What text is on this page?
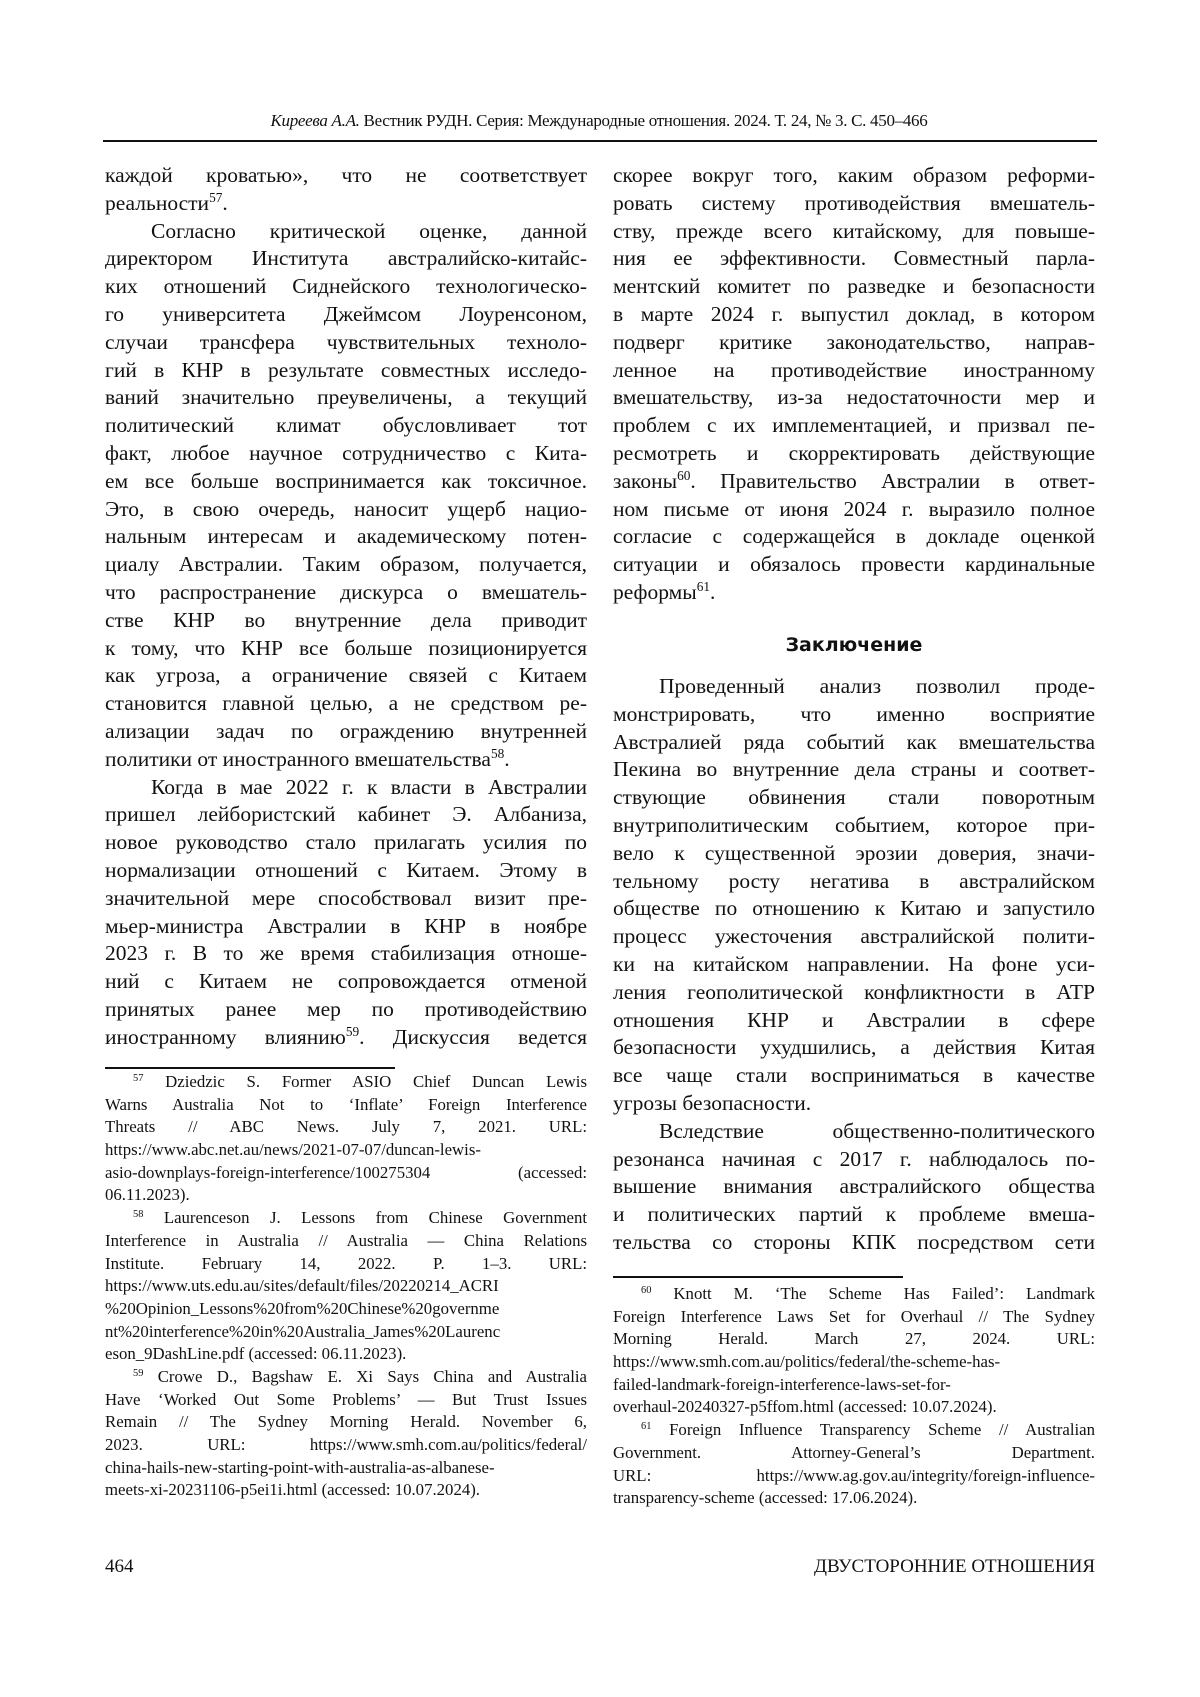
Киреева А.А. Вестник РУДН. Серия: Международные отношения. 2024. Т. 24, № 3. С. 450–466
каждой кроватью», что не соответствует
реальности57.
Согласно критической оценке, данной
директором Института австралийско-китайс-
ких отношений Сиднейского технологическо-
го университета Джеймсом Лоуренсоном,
случаи трансфера чувствительных техноло-
гий в КНР в результате совместных исследо-
ваний значительно преувеличены, а текущий
политический климат обусловливает тот
факт, любое научное сотрудничество с Кита-
ем все больше воспринимается как токсичное.
Это, в свою очередь, наносит ущерб нацио-
нальным интересам и академическому потен-
циалу Австралии. Таким образом, получается,
что распространение дискурса о вмешатель-
стве КНР во внутренние дела приводит
к тому, что КНР все больше позиционируется
как угроза, а ограничение связей с Китаем
становится главной целью, а не средством ре-
ализации задач по ограждению внутренней
политики от иностранного вмешательства58.
Когда в мае 2022 г. к власти в Австралии
пришел лейбористский кабинет Э. Албаниза,
новое руководство стало прилагать усилия по
нормализации отношений с Китаем. Этому в
значительной мере способствовал визит пре-
мьер-министра Австралии в КНР в ноябре
2023 г. В то же время стабилизация отноше-
ний с Китаем не сопровождается отменой
принятых ранее мер по противодействию
иностранному влиянию59. Дискуссия ведется
скорее вокруг того, каким образом реформи-
ровать систему противодействия вмешатель-
ству, прежде всего китайскому, для повыше-
ния ее эффективности. Совместный парла-
ментский комитет по разведке и безопасности
в марте 2024 г. выпустил доклад, в котором
подверг критике законодательство, направ-
ленное на противодействие иностранному
вмешательству, из-за недостаточности мер и
проблем с их имплементацией, и призвал пе-
ресмотреть и скорректировать действующие
законы60. Правительство Австралии в ответ-
ном письме от июня 2024 г. выразило полное
согласие с содержащейся в докладе оценкой
ситуации и обязалось провести кардинальные
реформы61.
Заключение
Проведенный анализ позволил проде-
монстрировать, что именно восприятие
Австралией ряда событий как вмешательства
Пекина во внутренние дела страны и соответ-
ствующие обвинения стали поворотным
внутриполитическим событием, которое при-
вело к существенной эрозии доверия, значи-
тельному росту негатива в австралийском
обществе по отношению к Китаю и запустило
процесс ужесточения австралийской полити-
ки на китайском направлении. На фоне уси-
ления геополитической конфликтности в АТР
отношения КНР и Австралии в сфере
безопасности ухудшились, а действия Китая
все чаще стали восприниматься в качестве
угрозы безопасности.
Вследствие общественно-политического
резонанса начиная с 2017 г. наблюдалось по-
вышение внимания австралийского общества
и политических партий к проблеме вмеша-
тельства со стороны КПК посредством сети
57 Dziedzic S. Former ASIO Chief Duncan Lewis
Warns Australia Not to ‘Inflate’ Foreign Interference
Threats // ABC News. July 7, 2021. URL:
https://www.abc.net.au/news/2021-07-07/duncan-lewis-
asio-downplays-foreign-interference/100275304 (accessed:
06.11.2023).
58 Laurenceson J. Lessons from Chinese Government
Interference in Australia // Australia — China Relations
Institute. February 14, 2022. P. 1–3. URL:
https://www.uts.edu.au/sites/default/files/20220214_ACRI
%20Opinion_Lessons%20from%20Chinese%20governme
nt%20interference%20in%20Australia_James%20Laurenc
eson_9DashLine.pdf (accessed: 06.11.2023).
59 Crowe D., Bagshaw E. Xi Says China and Australia
Have ‘Worked Out Some Problems’ — But Trust Issues
Remain // The Sydney Morning Herald. November 6,
2023. URL: https://www.smh.com.au/politics/federal/
china-hails-new-starting-point-with-australia-as-albanese-
meets-xi-20231106-p5ei1i.html (accessed: 10.07.2024).
60 Knott M. ‘The Scheme Has Failed’: Landmark
Foreign Interference Laws Set for Overhaul // The Sydney
Morning Herald. March 27, 2024. URL:
https://www.smh.com.au/politics/federal/the-scheme-has-
failed-landmark-foreign-interference-laws-set-for-
overhaul-20240327-p5ffom.html (accessed: 10.07.2024).
61 Foreign Influence Transparency Scheme // Australian
Government. Attorney-General’s Department.
URL: https://www.ag.gov.au/integrity/foreign-influence-
transparency-scheme (accessed: 17.06.2024).
464	ДВУСТОРОННИЕ ОТНОШЕНИЯ
